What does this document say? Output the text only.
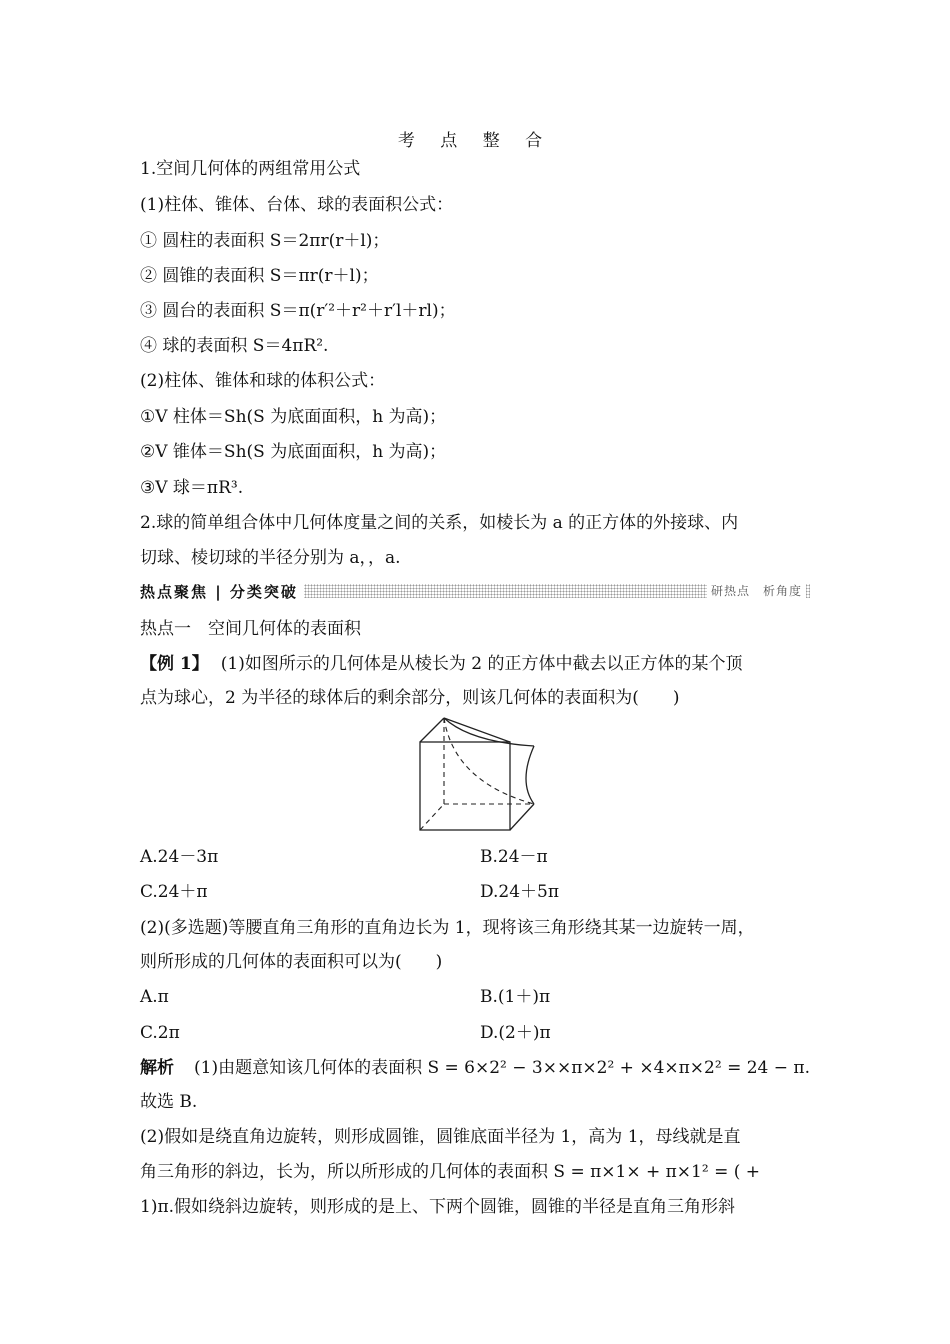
考 点 整 合
1.空间几何体的两组常用公式
(1)柱体、锥体、台体、球的表面积公式：
① 圆柱的表面积 S＝2πr(r＋l)；
② 圆锥的表面积 S＝πr(r＋l)；
③ 圆台的表面积 S＝π(r′²＋r²＋r′l＋rl)；
④ 球的表面积 S＝4πR².
(2)柱体、锥体和球的体积公式：
①V 柱体＝Sh(S 为底面面积，h 为高)；
②V 锥体＝Sh(S 为底面面积，h 为高)；
③V 球＝πR³.
2.球的简单组合体中几何体度量之间的关系，如棱长为 a 的正方体的外接球、内
切球、棱切球的半径分别为 a，，a.
热点聚焦 | 分类突破	研热点　析角度
热点一　空间几何体的表面积
【例 1】 (1)如图所示的几何体是从棱长为 2 的正方体中截去以正方体的某个顶
点为球心，2 为半径的球体后的剩余部分，则该几何体的表面积为(　　)
A.24－3π	B.24－π
C.24＋π	D.24＋5π
(2)(多选题)等腰直角三角形的直角边长为 1，现将该三角形绕其某一边旋转一周，
则所形成的几何体的表面积可以为(　　)
A.π	B.(1＋)π
C.2π	D.(2＋)π
解析 (1)由题意知该几何体的表面积 S = 6×2² − 3××π×2² + ×4×π×2² = 24 − π.
故选 B.
(2)假如是绕直角边旋转，则形成圆锥，圆锥底面半径为 1，高为 1，母线就是直
角三角形的斜边，长为，所以所形成的几何体的表面积 S = π×1× + π×1² = ( +
1)π.假如绕斜边旋转，则形成的是上、下两个圆锥，圆锥的半径是直角三角形斜
